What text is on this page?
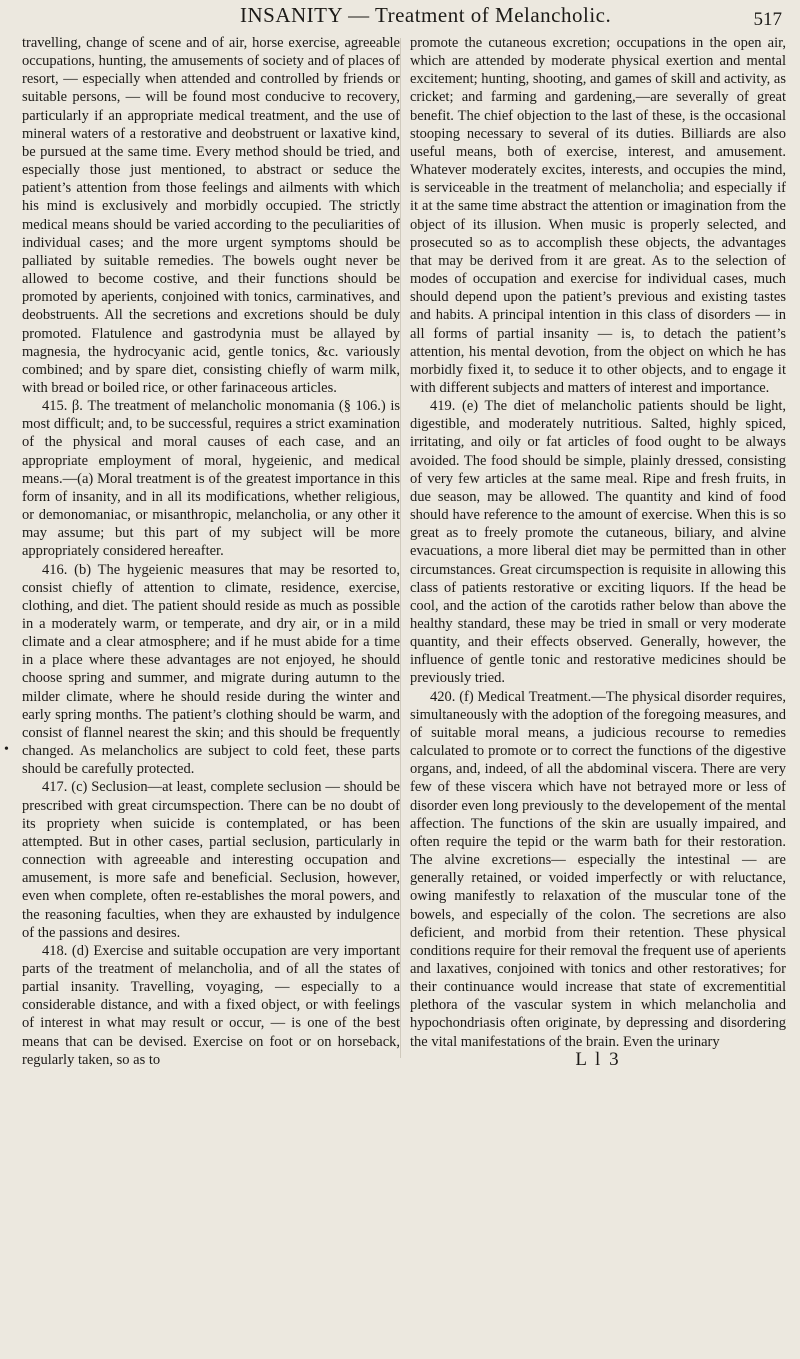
INSANITY — Treatment of Melancholic.	517
•

travelling, change of scene and of air, horse exercise, agreeable occupations, hunting, the amusements of society and of places of resort, — especially when attended and controlled by friends or suitable persons, — will be found most conducive to recovery, particularly if an appropriate medical treatment, and the use of mineral waters of a restorative and deobstruent or laxative kind, be pursued at the same time. Every method should be tried, and especially those just mentioned, to abstract or seduce the patient’s attention from those feelings and ailments with which his mind is exclusively and morbidly occupied. The strictly medical means should be varied according to the peculiarities of individual cases; and the more urgent symptoms should be palliated by suitable remedies. The bowels ought never be allowed to become costive, and their functions should be promoted by aperients, conjoined with tonics, carminatives, and deobstruents. All the secretions and excretions should be duly promoted. Flatulence and gastrodynia must be allayed by magnesia, the hydrocyanic acid, gentle tonics, &c. variously combined; and by spare diet, consisting chiefly of warm milk, with bread or boiled rice, or other farinaceous articles.

415. β. The treatment of melancholic monomania (§ 106.) is most difficult; and, to be successful, requires a strict examination of the physical and moral causes of each case, and an appropriate employment of moral, hygeienic, and medical means.—(a) Moral treatment is of the greatest importance in this form of insanity, and in all its modifications, whether religious, or demonomaniac, or misanthropic, melancholia, or any other it may assume; but this part of my subject will be more appropriately considered hereafter.

416. (b) The hygeienic measures that may be resorted to, consist chiefly of attention to climate, residence, exercise, clothing, and diet. The patient should reside as much as possible in a moderately warm, or temperate, and dry air, or in a mild climate and a clear atmosphere; and if he must abide for a time in a place where these advantages are not enjoyed, he should choose spring and summer, and migrate during autumn to the milder climate, where he should reside during the winter and early spring months. The patient’s clothing should be warm, and consist of flannel nearest the skin; and this should be frequently changed. As melancholics are subject to cold feet, these parts should be carefully protected.

417. (c) Seclusion—at least, complete seclusion — should be prescribed with great circumspection. There can be no doubt of its propriety when suicide is contemplated, or has been attempted. But in other cases, partial seclusion, particularly in connection with agreeable and interesting occupation and amusement, is more safe and beneficial. Seclusion, however, even when complete, often re-establishes the moral powers, and the reasoning faculties, when they are exhausted by indulgence of the passions and desires.

418. (d) Exercise and suitable occupation are very important parts of the treatment of melancholia, and of all the states of partial insanity. Travelling, voyaging, — especially to a considerable distance, and with a fixed object, or with feelings of interest in what may result or occur, — is one of the best means that can be devised. Exercise on foot or on horseback, regularly taken, so as to

promote the cutaneous excretion; occupations in the open air, which are attended by moderate physical exertion and mental excitement; hunting, shooting, and games of skill and activity, as cricket; and farming and gardening,—are severally of great benefit. The chief objection to the last of these, is the occasional stooping necessary to several of its duties. Billiards are also useful means, both of exercise, interest, and amusement. Whatever moderately excites, interests, and occupies the mind, is serviceable in the treatment of melancholia; and especially if it at the same time abstract the attention or imagination from the object of its illusion. When music is properly selected, and prosecuted so as to accomplish these objects, the advantages that may be derived from it are great. As to the selection of modes of occupation and exercise for individual cases, much should depend upon the patient’s previous and existing tastes and habits. A principal intention in this class of disorders — in all forms of partial insanity — is, to detach the patient’s attention, his mental devotion, from the object on which he has morbidly fixed it, to seduce it to other objects, and to engage it with different subjects and matters of interest and importance.

419. (e) The diet of melancholic patients should be light, digestible, and moderately nutritious. Salted, highly spiced, irritating, and oily or fat articles of food ought to be always avoided. The food should be simple, plainly dressed, consisting of very few articles at the same meal. Ripe and fresh fruits, in due season, may be allowed. The quantity and kind of food should have reference to the amount of exercise. When this is so great as to freely promote the cutaneous, biliary, and alvine evacuations, a more liberal diet may be permitted than in other circumstances. Great circumspection is requisite in allowing this class of patients restorative or exciting liquors. If the head be cool, and the action of the carotids rather below than above the healthy standard, these may be tried in small or very moderate quantity, and their effects observed. Generally, however, the influence of gentle tonic and restorative medicines should be previously tried.

420. (f) Medical Treatment.—The physical disorder requires, simultaneously with the adoption of the foregoing measures, and of suitable moral means, a judicious recourse to remedies calculated to promote or to correct the functions of the digestive organs, and, indeed, of all the abdominal viscera. There are very few of these viscera which have not betrayed more or less of disorder even long previously to the developement of the mental affection. The functions of the skin are usually impaired, and often require the tepid or the warm bath for their restoration. The alvine excretions— especially the intestinal — are generally retained, or voided imperfectly or with reluctance, owing manifestly to relaxation of the muscular tone of the bowels, and especially of the colon. The secretions are also deficient, and morbid from their retention. These physical conditions require for their removal the frequent use of aperients and laxatives, conjoined with tonics and other restoratives; for their continuance would increase that state of excrementitial plethora of the vascular system in which melancholia and hypochondriasis often originate, by depressing and disordering the vital manifestations of the brain. Even the urinary

L l 3
